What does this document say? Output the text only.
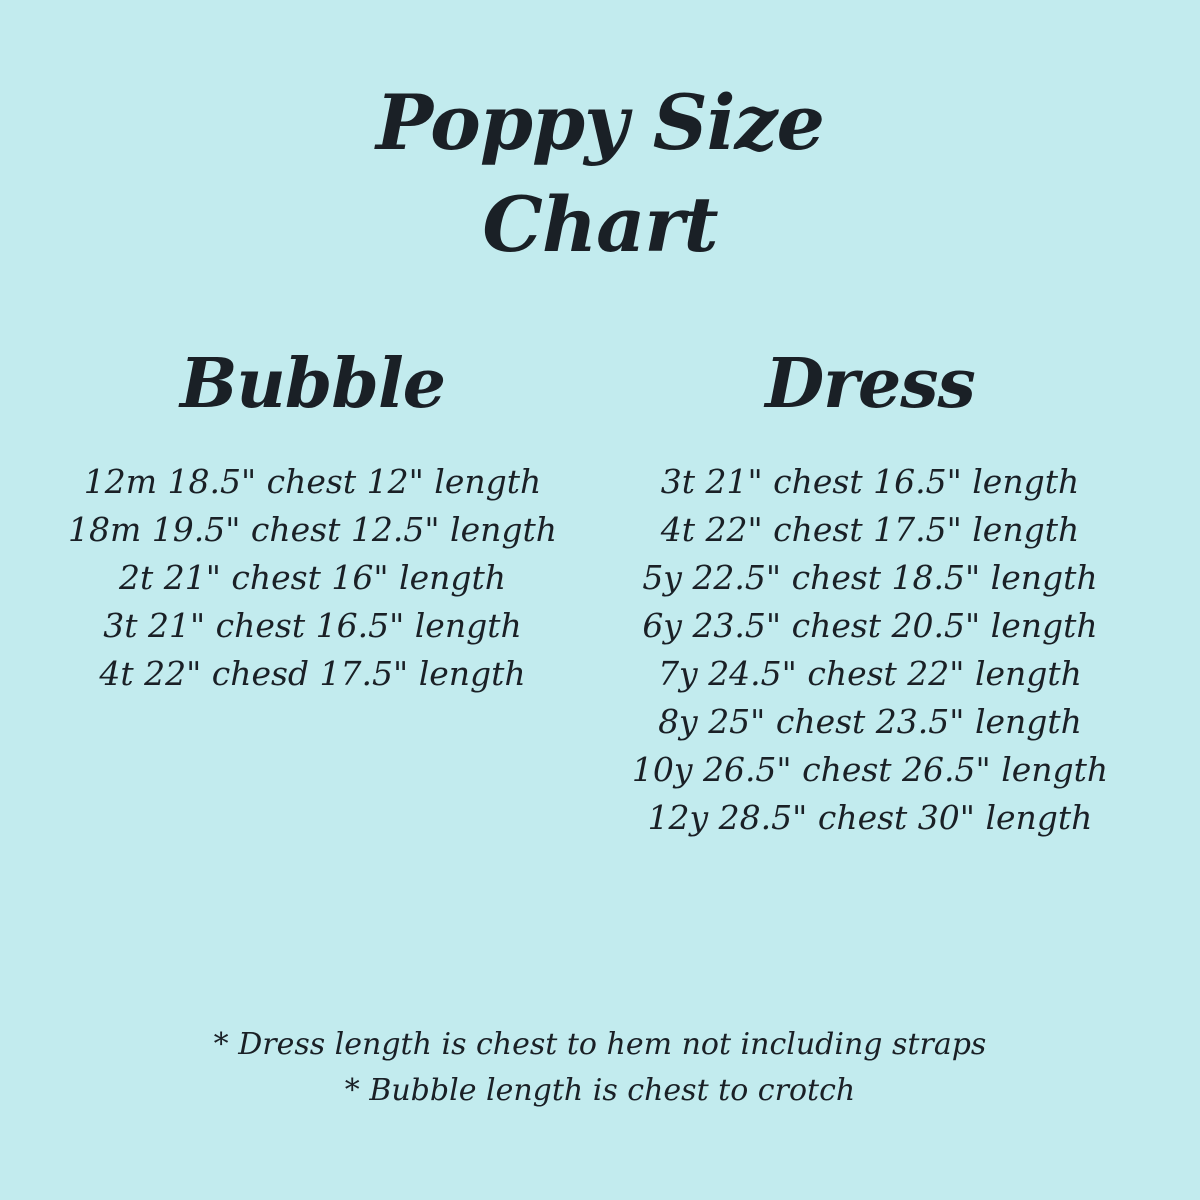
Poppy Size
Chart
Bubble
12m 18.5" chest 12" length
18m 19.5" chest 12.5" length
2t 21" chest 16" length
3t 21" chest 16.5" length
4t 22" chesd 17.5" length
Dress
3t 21" chest 16.5" length
4t 22" chest 17.5" length
5y 22.5" chest 18.5" length
6y 23.5" chest 20.5" length
7y 24.5" chest 22" length
8y 25" chest 23.5" length
10y 26.5" chest 26.5" length
12y 28.5" chest 30" length
* Dress length is chest to hem not including straps
* Bubble length is chest to crotch
